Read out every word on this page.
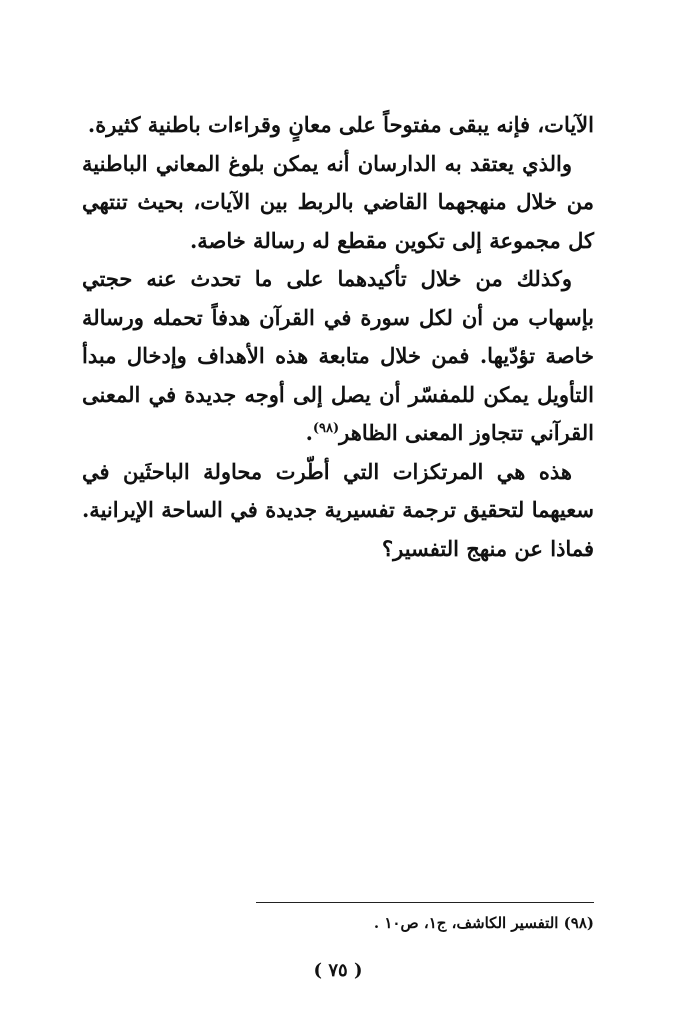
الآيات، فإنه يبقى مفتوحاً على معانٍ وقراءات باطنية كثيرة.

والذي يعتقد به الدارسان أنه يمكن بلوغ المعاني الباطنية من خلال منهجهما القاضي بالربط بين الآيات، بحيث تنتهي كل مجموعة إلى تكوين مقطع له رسالة خاصة.

وكذلك من خلال تأكيدهما على ما تحدث عنه حجتي بإسهاب من أن لكل سورة في القرآن هدفاً تحمله ورسالة خاصة تؤدّيها. فمن خلال متابعة هذه الأهداف وإدخال مبدأ التأويل يمكن للمفسّر أن يصل إلى أوجه جديدة في المعنى القرآني تتجاوز المعنى الظاهر$^{(٩٨)}$.

هذه هي المرتكزات التي أطّرت محاولة الباحثَين في سعيهما لتحقيق ترجمة تفسيرية جديدة في الساحة الإيرانية. فماذا عن منهج التفسير؟

(٩٨) التفسير الكاشف، ج١، ص١٠ .
( ٧٥ )
